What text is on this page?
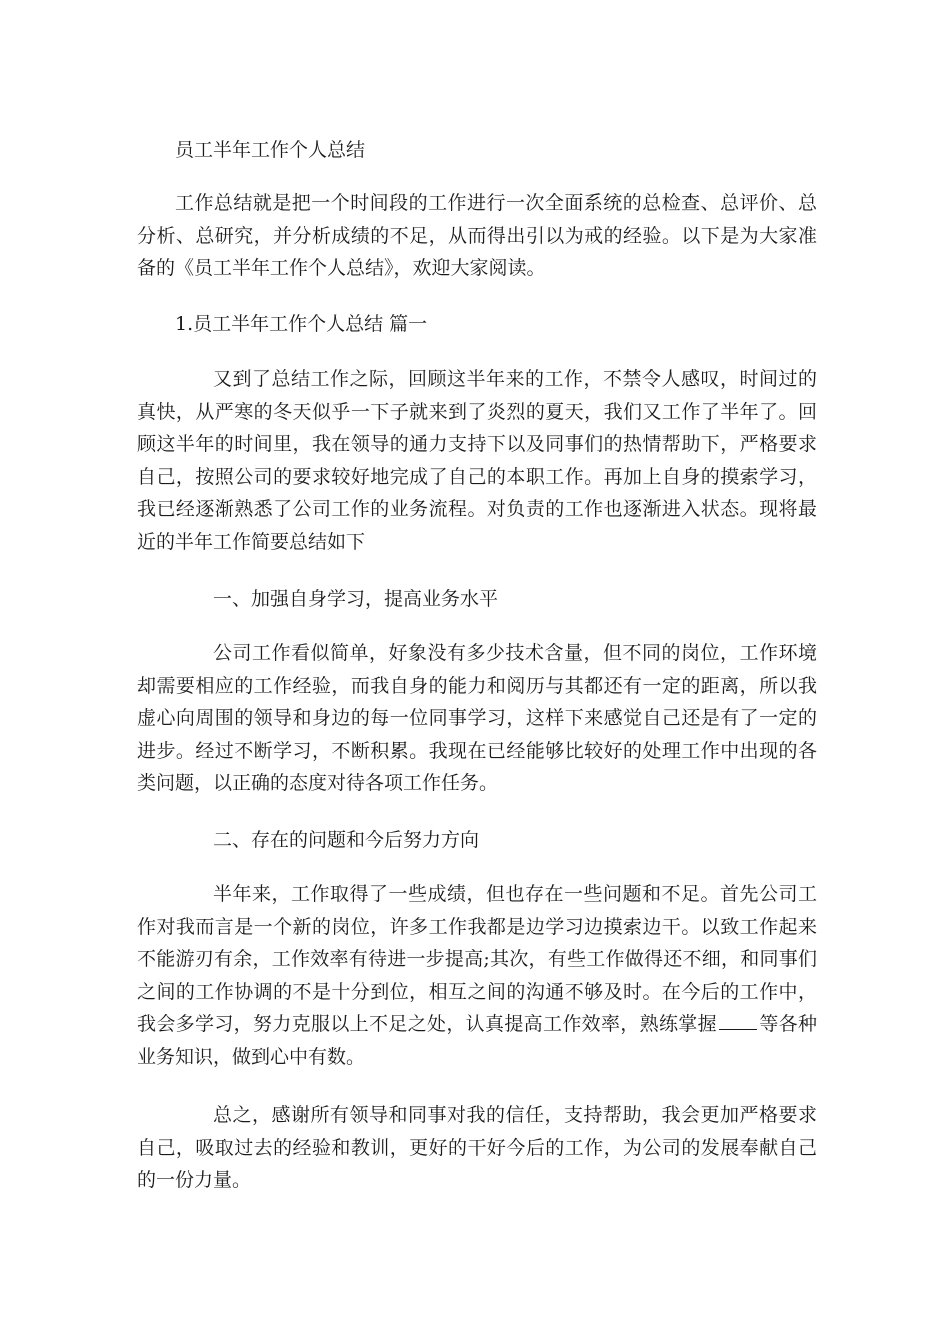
员工半年工作个人总结

工作总结就是把一个时间段的工作进行一次全面系统的总检查、总评价、总分析、总研究，并分析成绩的不足，从而得出引以为戒的经验。以下是为大家准备的《员工半年工作个人总结》，欢迎大家阅读。

1.员工半年工作个人总结 篇一

又到了总结工作之际，回顾这半年来的工作，不禁令人感叹，时间过的真快，从严寒的冬天似乎一下子就来到了炎烈的夏天，我们又工作了半年了。回顾这半年的时间里，我在领导的通力支持下以及同事们的热情帮助下，严格要求自己，按照公司的要求较好地完成了自己的本职工作。再加上自身的摸索学习，我已经逐渐熟悉了公司工作的业务流程。对负责的工作也逐渐进入状态。现将最近的半年工作简要总结如下

一、加强自身学习，提高业务水平

公司工作看似简单，好象没有多少技术含量，但不同的岗位，工作环境却需要相应的工作经验，而我自身的能力和阅历与其都还有一定的距离，所以我虚心向周围的领导和身边的每一位同事学习，这样下来感觉自己还是有了一定的进步。经过不断学习，不断积累。我现在已经能够比较好的处理工作中出现的各类问题，以正确的态度对待各项工作任务。

二、存在的问题和今后努力方向

半年来，工作取得了一些成绩，但也存在一些问题和不足。首先公司工作对我而言是一个新的岗位，许多工作我都是边学习边摸索边干。以致工作起来不能游刃有余，工作效率有待进一步提高;其次，有些工作做得还不细，和同事们之间的工作协调的不是十分到位，相互之间的沟通不够及时。在今后的工作中，我会多学习，努力克服以上不足之处，认真提高工作效率，熟练掌握 等各种业务知识，做到心中有数。

总之，感谢所有领导和同事对我的信任，支持帮助，我会更加严格要求自己，吸取过去的经验和教训，更好的干好今后的工作，为公司的发展奉献自己的一份力量。
